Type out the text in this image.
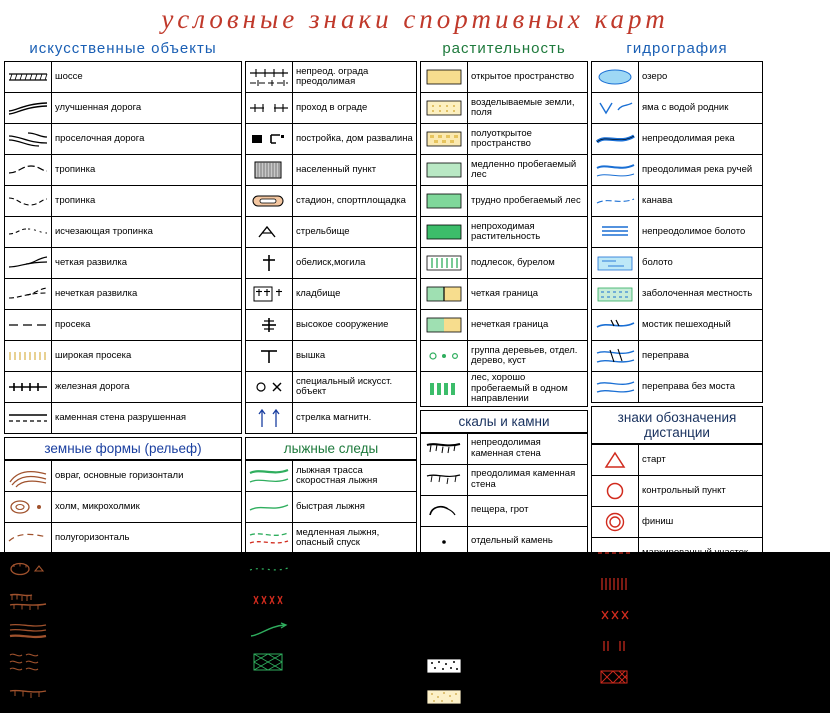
условные знаки спортивных карт
искусственные объекты	растительность	гидрография
	шоссе

	улучшенная дорога

	проселочная дорога

	тропинка

	тропинка

	исчезающая тропинка

	четкая развилка

	нечеткая развилка

	просека

	широкая просека

	железная дорога

	каменная стена разрушенная
земные формы (рельеф)
	овраг, основные горизонтали

	холм, микрохолмик

	полугоризонталь

	яма микроямка

	карьер обрыв

	канава, ров, промоина

	местность с м/к неровностями

	земляная насыпь
	непреод. ограда преодолимая

	проход в ограде

	постройка, дом развалина

	населенный пункт

	стадион, спортплощадка

	стрельбище

	обелиск,могила

	кладбище

	высокое сооружение

	вышка

	специальный искусст. объект

	стрелка магнитн.
лыжные следы
	лыжная трасса скоростная лыжня

	быстрая лыжня

	медленная лыжня, опасный спуск

	лыжня, занесенная снегом

	дорога не пригодная для движения

	спуск, подъем в опред. направлении

	закатанная область

	дорога не пригодная для передвижения на лыжах
	открытое пространство

	возделываемые земли, поля

	полуоткрытое пространство

	медленно пробегаемый лес

	трудно пробегаемый лес

	непроходимая растительность

	подлесок, бурелом

	четкая граница

	нечеткая граница

	группа деревьев, отдел. дерево, куст

	лес, хорошо пробегаемый в одном направлении
скалы и камни
	непреодолимая каменная стена

	преодолимая каменная стена

	пещера, грот

	отдельный камень

	большой камень

	группа камней

	скала-останец

	каменистая местность

	открытая песчаная местность
	озеро

	яма с водой родник

	непреодолимая река

	преодолимая река ручей

	канава

	непреодолимое болото

	болото

	заболоченная местность

	мостик пешеходный

	переправа

	переправа без моста
знаки обозначения дистанции
	старт

	контрольный пункт

	финиш

	маркированный участок

	запрещенный для бега район

	непригодная для бега дорога

	проходы

	опасные места
